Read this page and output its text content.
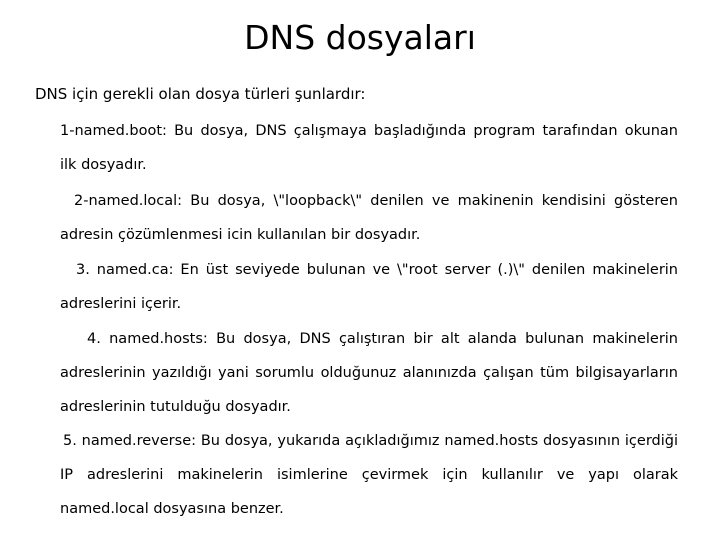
DNS dosyaları
DNS için gerekli olan dosya türleri şunlardır:
1-named.boot: Bu dosya, DNS çalışmaya başladığında program tarafından okunan ilk dosyadır.
2-named.local: Bu dosya, \"loopback\" denilen ve makinenin kendisini gösteren adresin çözümlenmesi icin kullanılan bir dosyadır.
3. named.ca: En üst seviyede bulunan ve \"root server (.)\" denilen makinelerin adreslerini içerir.
4. named.hosts: Bu dosya, DNS çalıştıran bir alt alanda bulunan makinelerin adreslerinin yazıldığı yani sorumlu olduğunuz alanınızda çalışan tüm bilgisayarların adreslerinin tutulduğu dosyadır.
5. named.reverse: Bu dosya, yukarıda açıkladığımız named.hosts dosyasının içerdiği IP adreslerini makinelerin isimlerine çevirmek için kullanılır ve yapı olarak named.local dosyasına benzer.
